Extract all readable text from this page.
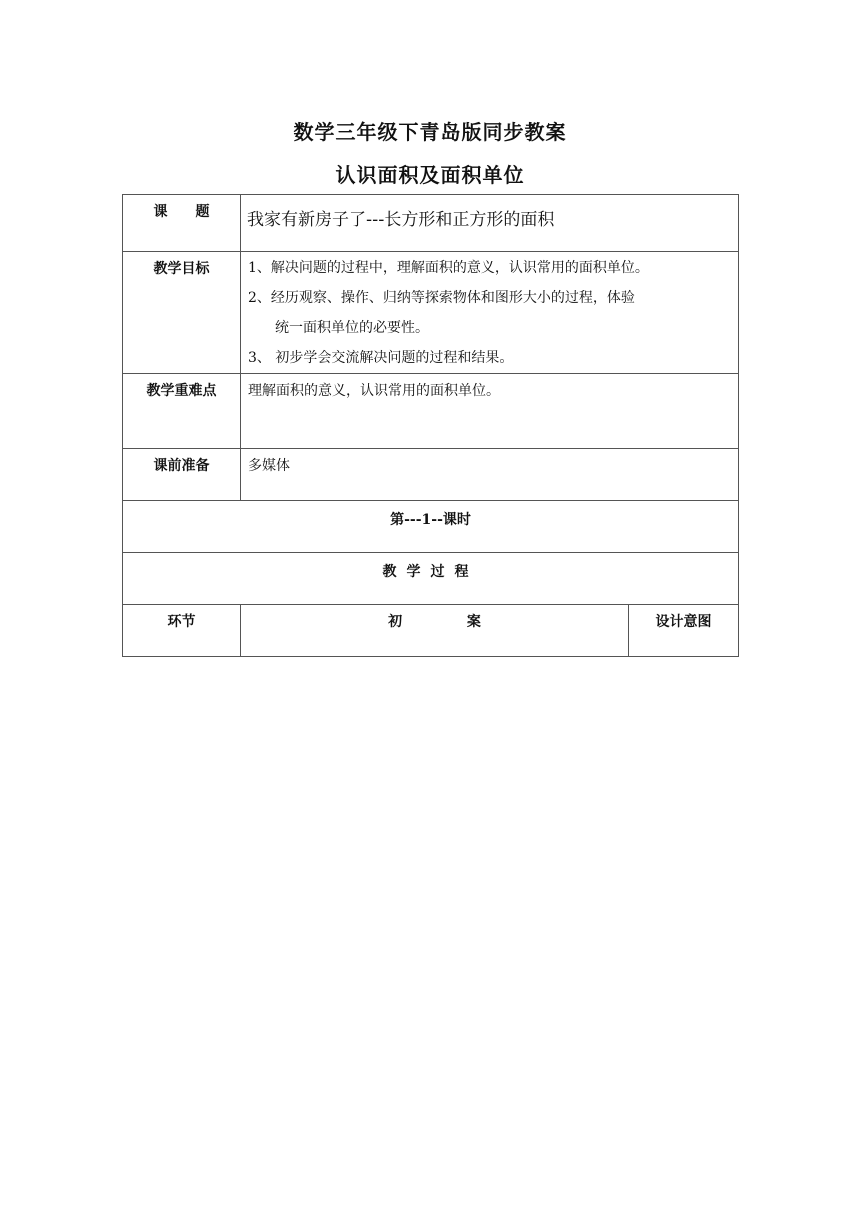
数学三年级下青岛版同步教案
认识面积及面积单位
课　　题	我家有新房子了---长方形和正方形的面积	
教学目标	1、解决问题的过程中，理解面积的意义，认识常用的面积单位。
2、经历观察、操作、归纳等探索物体和图形大小的过程，体验
统一面积单位的必要性。
3、 初步学会交流解决问题的过程和结果。	

教学重难点	理解面积的意义，认识常用的面积单位。	
课前准备	多媒体	
第---1--课时		
教学过程		
环节	初 案	设计意图
